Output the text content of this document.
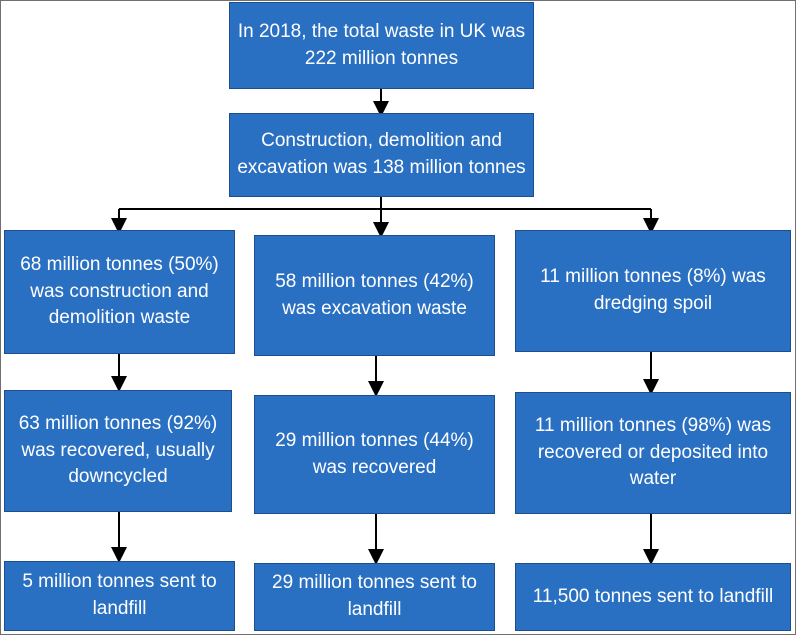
In 2018, the total waste in UK was 222 million tonnes
Construction, demolition and excavation was 138 million tonnes
68 million tonnes (50%) was construction and demolition waste
58 million tonnes (42%) was excavation waste
11 million tonnes (8%) was dredging spoil
63 million tonnes (92%) was recovered, usually downcycled
29 million tonnes (44%) was recovered
11 million tonnes (98%) was recovered or deposited into water
5 million tonnes sent to landfill
29 million tonnes sent to landfill
11,500 tonnes sent to landfill
